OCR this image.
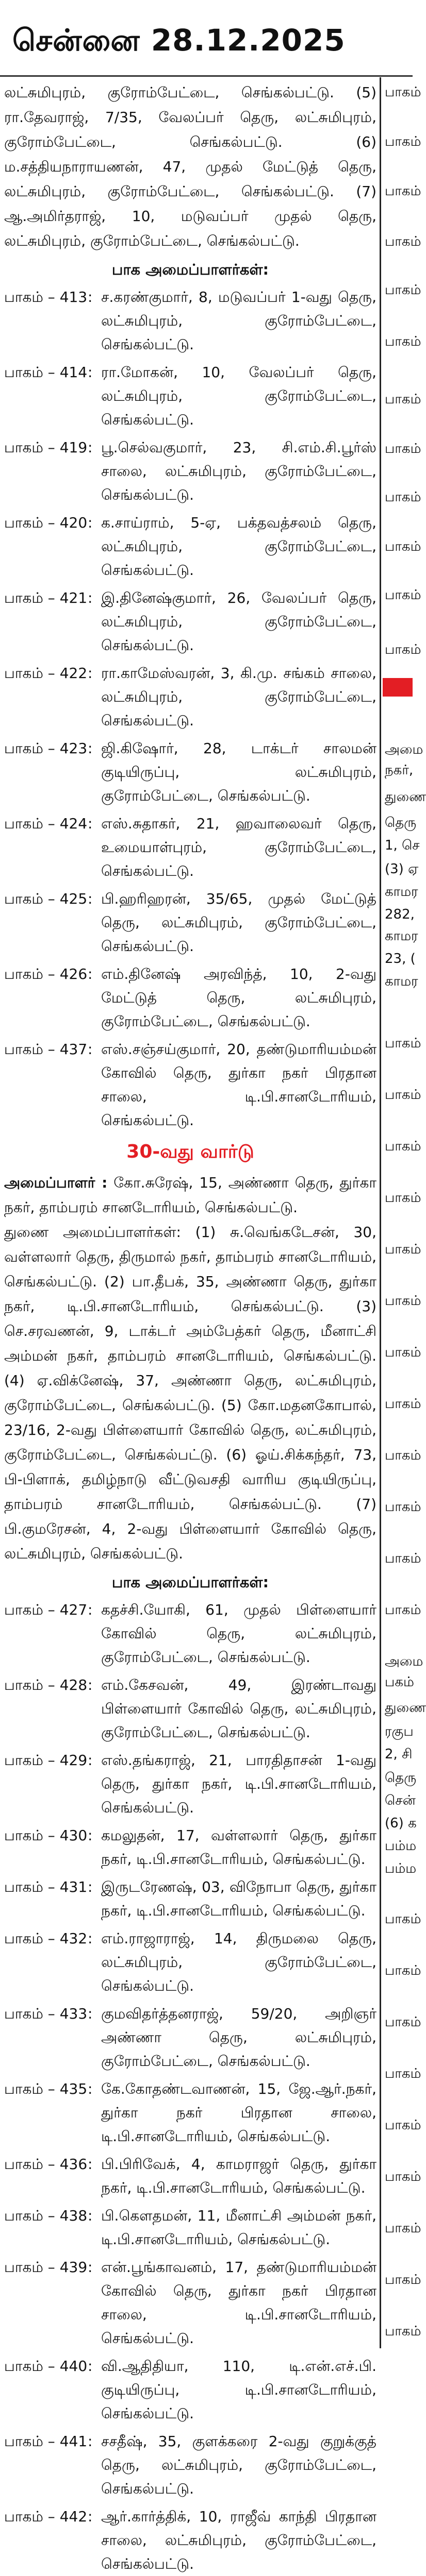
சென்னை 28.12.2025
பாகம்
பாகம்
பாகம்
பாகம்
பாகம்
பாகம்
பாகம்
பாகம்
பாகம்
பாகம்
பாகம்
பாகம்
அமை
நகர்,
துணை
தெரு
1, செ
(3) ஏ
காமர
282,
காமர
23, (
காமர
பாகம்
பாகம்
பாகம்
பாகம்
பாகம்
பாகம்
பாகம்
பாகம்
பாகம்
பாகம்
பாகம்
பாகம்
அமை
பகம்
துணை
ரகுப
2, சி
தெரு
சென்
(6) க
பம்ம
பம்ம
பாகம்
பாகம்
பாகம்
பாகம்
பாகம்
பாகம்
பாகம்
பாகம்
பாகம்

லட்சுமிபுரம், குரோம்பேட்டை, செங்கல்பட்டு. (5) ரா.தேவராஜ், 7/35, வேலப்பர் தெரு, லட்சுமிபுரம், குரோம்பேட்டை, செங்கல்பட்டு. (6) ம.சத்தியநாராயணன், 47, முதல் மேட்டுத் தெரு, லட்சுமிபுரம், குரோம்பேட்டை, செங்கல்பட்டு. (7) ஆ.அமிர்தராஜ், 10, மடுவப்பர் முதல் தெரு, லட்சுமிபுரம், குரோம்பேட்டை, செங்கல்பட்டு.

பாக அமைப்பாளர்கள்:
பாகம் – 413 : ச.கரண்குமார், 8, மடுவப்பர் 1-வது தெரு, லட்சுமிபுரம், குரோம்பேட்டை, செங்கல்பட்டு.
பாகம் – 414 : ரா.மோகன், 10, வேலப்பர் தெரு, லட்சுமிபுரம், குரோம்பேட்டை, செங்கல்பட்டு.
பாகம் – 419 : பூ.செல்வகுமார், 23, சி.எம்.சி.பூர்ஸ் சாலை, லட்சுமிபுரம், குரோம்பேட்டை, செங்கல்பட்டு.
பாகம் – 420 : க.சாய்ராம், 5-ஏ, பக்தவத்சலம் தெரு, லட்சுமிபுரம், குரோம்பேட்டை, செங்கல்பட்டு.
பாகம் – 421 : இ.தினேஷ்குமார், 26, வேலப்பர் தெரு, லட்சுமிபுரம், குரோம்பேட்டை, செங்கல்பட்டு.
பாகம் – 422 : ரா.காமேஸ்வரன், 3, கி.மு. சங்கம் சாலை, லட்சுமிபுரம், குரோம்பேட்டை, செங்கல்பட்டு.
பாகம் – 423 : ஜி.கிஷோர், 28, டாக்டர் சாலமன் குடியிருப்பு, லட்சுமிபுரம், குரோம்பேட்டை, செங்கல்பட்டு.
பாகம் – 424 : எஸ்.சுதாகர், 21, ஹவாலைவர் தெரு, உமையாள்புரம், குரோம்பேட்டை, செங்கல்பட்டு.
பாகம் – 425 : பி.ஹரிஹரன், 35/65, முதல் மேட்டுத் தெரு, லட்சுமிபுரம், குரோம்பேட்டை, செங்கல்பட்டு.
பாகம் – 426 : எம்.தினேஷ் அரவிந்த், 10, 2-வது மேட்டுத் தெரு, லட்சுமிபுரம், குரோம்பேட்டை, செங்கல்பட்டு.
பாகம் – 437 : எஸ்.சஞ்சய்குமார், 20, தண்டுமாரியம்மன் கோவில் தெரு, துர்கா நகர் பிரதான சாலை, டி.பி.சானடோரியம், செங்கல்பட்டு.
30-வது வார்டு

அமைப்பாளர் : கோ.சுரேஷ், 15, அண்ணா தெரு, துர்கா நகர், தாம்பரம் சானடோரியம், செங்கல்பட்டு.

துணை அமைப்பாளர்கள்: (1) சு.வெங்கடேசன், 30, வள்ளலார் தெரு, திருமால் நகர், தாம்பரம் சானடோரியம், செங்கல்பட்டு. (2) பா.தீபக், 35, அண்ணா தெரு, துர்கா நகர், டி.பி.சானடோரியம், செங்கல்பட்டு. (3) செ.சரவணன், 9, டாக்டர் அம்பேத்கர் தெரு, மீனாட்சி அம்மன் நகர், தாம்பரம் சானடோரியம், செங்கல்பட்டு. (4) ஏ.விக்னேஷ், 37, அண்ணா தெரு, லட்சுமிபுரம், குரோம்பேட்டை, செங்கல்பட்டு. (5) கோ.மதனகோபால், 23/16, 2-வது பிள்ளையார் கோவில் தெரு, லட்சுமிபுரம், குரோம்பேட்டை, செங்கல்பட்டு. (6) ஓய்.சிக்கந்தர், 73, பி-பிளாக், தமிழ்நாடு வீட்டுவசதி வாரிய குடியிருப்பு, தாம்பரம் சானடோரியம், செங்கல்பட்டு. (7) பி.குமரேசன், 4, 2-வது பிள்ளையார் கோவில் தெரு, லட்சுமிபுரம், செங்கல்பட்டு.

பாக அமைப்பாளர்கள்:
பாகம் – 427 : கதச்சி.யோகி, 61, முதல் பிள்ளையார் கோவில் தெரு, லட்சுமிபுரம், குரோம்பேட்டை, செங்கல்பட்டு.
பாகம் – 428 : எம்.கேசவன், 49, இரண்டாவது பிள்ளையார் கோவில் தெரு, லட்சுமிபுரம், குரோம்பேட்டை, செங்கல்பட்டு.
பாகம் – 429 : எஸ்.தங்கராஜ், 21, பாரதிதாசன் 1-வது தெரு, துர்கா நகர், டி.பி.சானடோரியம், செங்கல்பட்டு.
பாகம் – 430 : கமலுதன், 17, வள்ளலார் தெரு, துர்கா நகர், டி.பி.சானடோரியம், செங்கல்பட்டு.
பாகம் – 431 : இருடரேணஷ், 03, விநோபா தெரு, துர்கா நகர், டி.பி.சானடோரியம், செங்கல்பட்டு.
பாகம் – 432 : எம்.ராஜாராஜ், 14, திருமலை தெரு, லட்சுமிபுரம், குரோம்பேட்டை, செங்கல்பட்டு.
பாகம் – 433 : குமவிதர்த்தனராஜ், 59/20, அறிஞர் அண்ணா தெரு, லட்சுமிபுரம், குரோம்பேட்டை, செங்கல்பட்டு.
பாகம் – 435 : கே.கோதண்டவாணன், 15, ஜே.ஆர்.நகர், துர்கா நகர் பிரதான சாலை, டி.பி.சானடோரியம், செங்கல்பட்டு.
பாகம் – 436 : பி.பிரிவேக், 4, காமராஜர் தெரு, துர்கா நகர், டி.பி.சானடோரியம், செங்கல்பட்டு.
பாகம் – 438 : பி.கௌதமன், 11, மீனாட்சி அம்மன் நகர், டி.பி.சானடோரியம், செங்கல்பட்டு.
பாகம் – 439 : என்.பூங்காவனம், 17, தண்டுமாரியம்மன் கோவில் தெரு, துர்கா நகர் பிரதான சாலை, டி.பி.சானடோரியம், செங்கல்பட்டு.
பாகம் – 440 : வி.ஆதிதியா, 110, டி.என்.எச்.பி. குடியிருப்பு, டி.பி.சானடோரியம், செங்கல்பட்டு.
பாகம் – 441 : சசதீஷ், 35, குளக்கரை 2-வது குறுக்குத் தெரு, லட்சுமிபுரம், குரோம்பேட்டை, செங்கல்பட்டு.
பாகம் – 442 : ஆர்.கார்த்திக், 10, ராஜீவ் காந்தி பிரதான சாலை, லட்சுமிபுரம், குரோம்பேட்டை, செங்கல்பட்டு.
